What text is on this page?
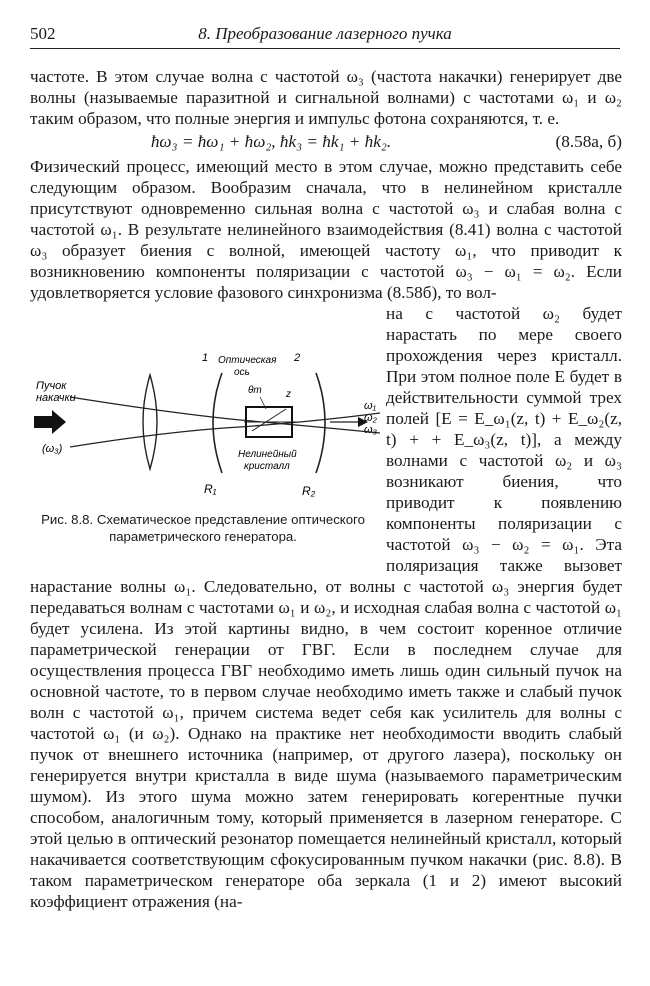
502	8. Преобразование лазерного пучка

частоте. В этом случае волна с частотой ω₃ (частота накачки) генерирует две волны (называемые паразитной и сигнальной волнами) с частотами ω₁ и ω₂ таким образом, что полные энергия и импульс фотона сохраняются, т. е.

ħω₃ = ħω₁ + ħω₂, ħk₃ = ħk₁ + ħk₂.	(8.58а, б)

Физический процесс, имеющий место в этом случае, можно представить себе следующим образом. Вообразим сначала, что в нелинейном кристалле присутствуют одновременно сильная волна с частотой ω₃ и слабая волна с частотой ω₁. В результате нелинейного взаимодействия (8.41) волна с частотой ω₃ образует биения с волной, имеющей частоту ω₁, что приводит к возникновению компоненты поляризации с частотой ω₃ − ω₁ = ω₂. Если удовлетворяется условие фазового синхронизма (8.58б), то вол-

Пучок
накачки
(ω₃)
1	2
Оптическая
ось
θm z
Нелинейный
кристалл
R₁	R₂
ω₁
ω₂
ω₃
Рис. 8.8. Схематическое представление оптического параметрического генератора.

на с частотой ω₂ будет нарастать по мере своего прохождения через кристалл. При этом полное поле E будет в действительности суммой трех полей [E = E_ω₁(z, t) + E_ω₂(z, t) + + E_ω₃(z, t)], а между волнами с частотой ω₂ и ω₃ возникают биения, что приводит к появлению компоненты поляризации с частотой ω₃ − ω₂ = ω₁. Эта поляризация также вызовет нарастание волны ω₁. Следовательно, от волны с частотой ω₃ энергия будет передаваться волнам с частотами ω₁ и ω₂, и исходная слабая волна с частотой ω₁ будет усилена. Из этой картины видно, в чем состоит коренное отличие параметрической генерации от ГВГ. Если в последнем случае для осуществления процесса ГВГ необходимо иметь лишь один сильный пучок на основной частоте, то в первом случае необходимо иметь также и слабый пучок волн с частотой ω₁, причем система ведет себя как усилитель для волны с частотой ω₁ (и ω₂). Однако на практике нет необходимости вводить слабый пучок от внешнего источника (например, от другого лазера), поскольку он генерируется внутри кристалла в виде шума (называемого параметрическим шумом). Из этого шума можно затем генерировать когерентные пучки способом, аналогичным тому, который применяется в лазерном генераторе. С этой целью в оптический резонатор помещается нелинейный кристалл, который накачивается соответствующим сфокусированным пучком накачки (рис. 8.8). В таком параметрическом генераторе оба зеркала (1 и 2) имеют высокий коэффициент отражения (на-
